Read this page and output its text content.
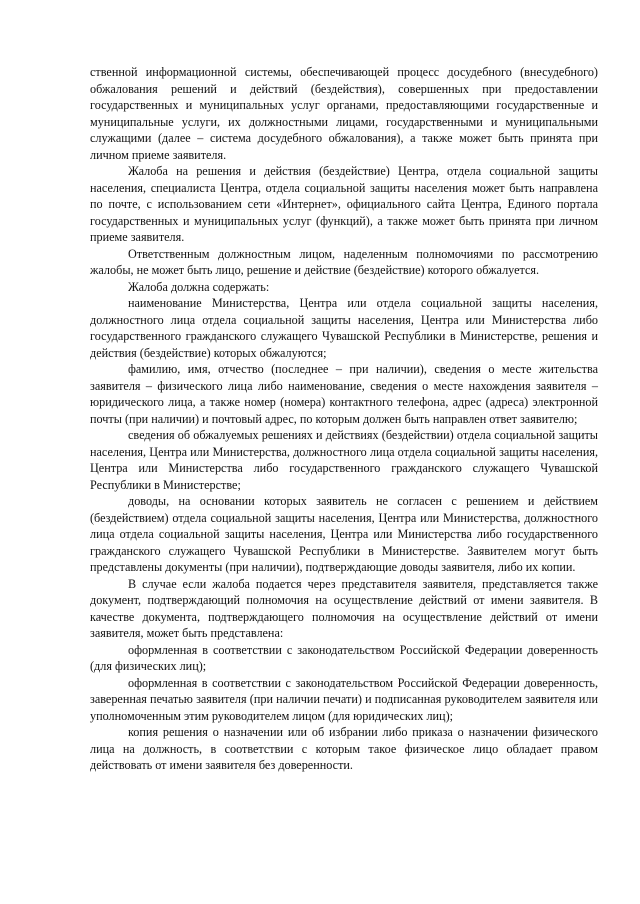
ственной информационной системы, обеспечивающей процесс досудебного (внесудебного) обжалования решений и действий (бездействия), совершенных при предоставлении государственных и муниципальных услуг органами, предоставляющими государственные и муниципальные услуги, их должностными лицами, государственными и муниципальными служащими (далее – система досудебного обжалования), а также может быть принята при личном приеме заявителя.

Жалоба на решения и действия (бездействие) Центра, отдела социальной защиты населения, специалиста Центра, отдела социальной защиты населения может быть направлена по почте, с использованием сети «Интернет», официального сайта Центра, Единого портала государственных и муниципальных услуг (функций), а также может быть принята при личном приеме заявителя.

Ответственным должностным лицом, наделенным полномочиями по рассмотрению жалобы, не может быть лицо, решение и действие (бездействие) которого обжалуется.

Жалоба должна содержать:

наименование Министерства, Центра или отдела социальной защиты населения, должностного лица отдела социальной защиты населения, Центра или Министерства либо государственного гражданского служащего Чувашской Республики в Министерстве, решения и действия (бездействие) которых обжалуются;

фамилию, имя, отчество (последнее – при наличии), сведения о месте жительства заявителя – физического лица либо наименование, сведения о месте нахождения заявителя – юридического лица, а также номер (номера) контактного телефона, адрес (адреса) электронной почты (при наличии) и почтовый адрес, по которым должен быть направлен ответ заявителю;

сведения об обжалуемых решениях и действиях (бездействии) отдела социальной защиты населения, Центра или Министерства, должностного лица отдела социальной защиты населения, Центра или Министерства либо государственного гражданского служащего Чувашской Республики в Министерстве;

доводы, на основании которых заявитель не согласен с решением и действием (бездействием) отдела социальной защиты населения, Центра или Министерства, должностного лица отдела социальной защиты населения, Центра или Министерства либо государственного гражданского служащего Чувашской Республики в Министерстве. Заявителем могут быть представлены документы (при наличии), подтверждающие доводы заявителя, либо их копии.

В случае если жалоба подается через представителя заявителя, представляется также документ, подтверждающий полномочия на осуществление действий от имени заявителя. В качестве документа, подтверждающего полномочия на осуществление действий от имени заявителя, может быть представлена:

оформленная в соответствии с законодательством Российской Федерации доверенность (для физических лиц);

оформленная в соответствии с законодательством Российской Федерации доверенность, заверенная печатью заявителя (при наличии печати) и подписанная руководителем заявителя или уполномоченным этим руководителем лицом (для юридических лиц);

копия решения о назначении или об избрании либо приказа о назначении физического лица на должность, в соответствии с которым такое физическое лицо обладает правом действовать от имени заявителя без доверенности.
